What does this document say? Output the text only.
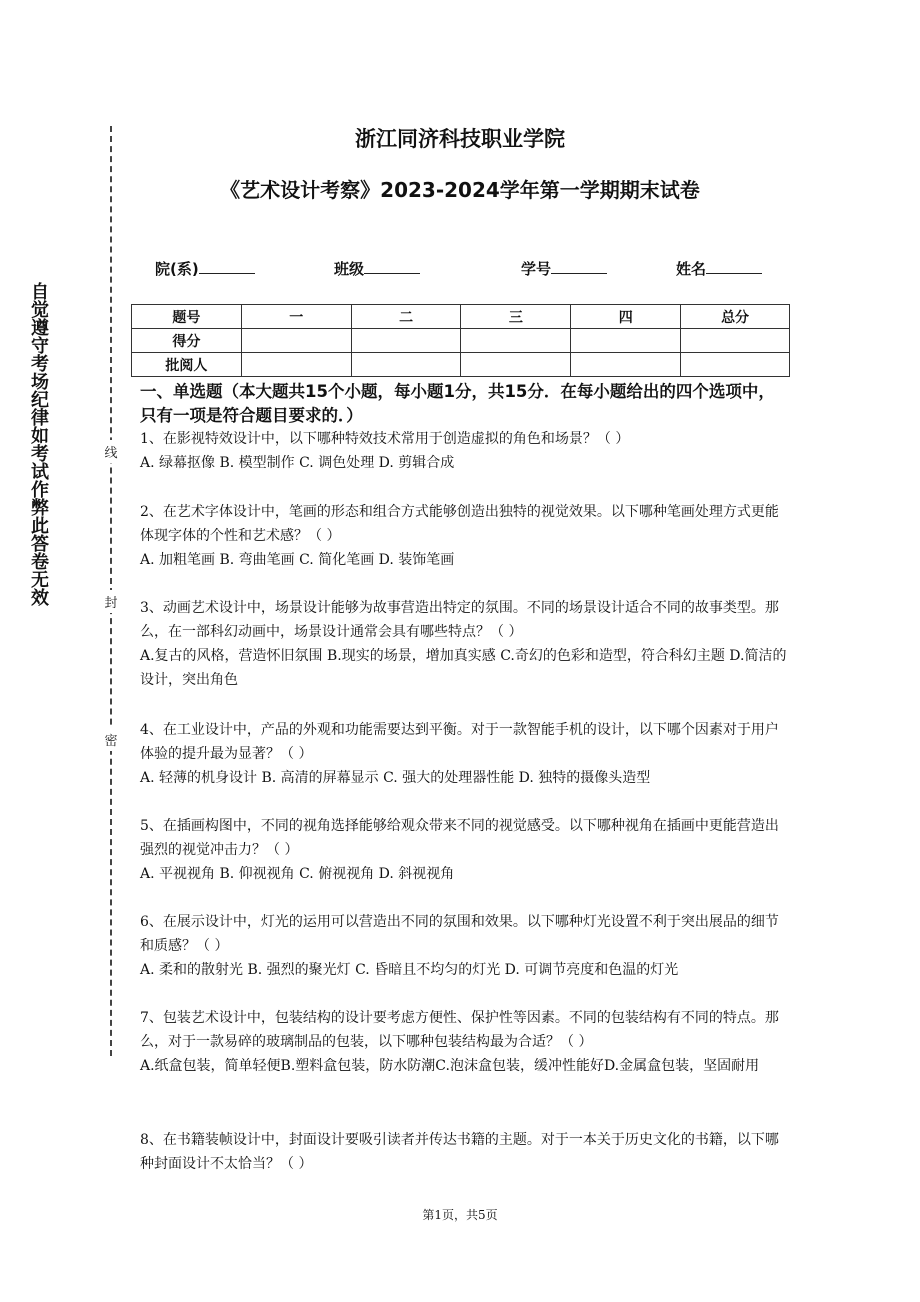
自觉遵守考场纪律如考试作弊此答卷无效	线
封
密
浙江同济科技职业学院
《艺术设计考察》2023-2024学年第一学期期末试卷
院(系)	班级	学号	姓名
题号	一	二	三	四	总分
得分					
批阅人					
一、单选题（本大题共15个小题，每小题1分，共15分．在每小题给出的四个选项中，只有一项是符合题目要求的．）

1、在影视特效设计中，以下哪种特效技术常用于创造虚拟的角色和场景？（ ）

A. 绿幕抠像 B. 模型制作 C. 调色处理 D. 剪辑合成

2、在艺术字体设计中，笔画的形态和组合方式能够创造出独特的视觉效果。以下哪种笔画处理方式更能体现字体的个性和艺术感？（ ）

A. 加粗笔画 B. 弯曲笔画 C. 简化笔画 D. 装饰笔画

3、动画艺术设计中，场景设计能够为故事营造出特定的氛围。不同的场景设计适合不同的故事类型。那么，在一部科幻动画中，场景设计通常会具有哪些特点？（ ）

A.复古的风格，营造怀旧氛围 B.现实的场景，增加真实感 C.奇幻的色彩和造型，符合科幻主题 D.简洁的设计，突出角色

4、在工业设计中，产品的外观和功能需要达到平衡。对于一款智能手机的设计，以下哪个因素对于用户体验的提升最为显著？（ ）

A. 轻薄的机身设计 B. 高清的屏幕显示 C. 强大的处理器性能 D. 独特的摄像头造型

5、在插画构图中，不同的视角选择能够给观众带来不同的视觉感受。以下哪种视角在插画中更能营造出强烈的视觉冲击力？（ ）

A. 平视视角 B. 仰视视角 C. 俯视视角 D. 斜视视角

6、在展示设计中，灯光的运用可以营造出不同的氛围和效果。以下哪种灯光设置不利于突出展品的细节和质感？（ ）

A. 柔和的散射光 B. 强烈的聚光灯 C. 昏暗且不均匀的灯光 D. 可调节亮度和色温的灯光

7、包装艺术设计中，包装结构的设计要考虑方便性、保护性等因素。不同的包装结构有不同的特点。那么，对于一款易碎的玻璃制品的包装，以下哪种包装结构最为合适？（ ）

A.纸盒包装，简单轻便B.塑料盒包装，防水防潮C.泡沫盒包装，缓冲性能好D.金属盒包装，坚固耐用

8、在书籍装帧设计中，封面设计要吸引读者并传达书籍的主题。对于一本关于历史文化的书籍，以下哪种封面设计不太恰当？（ ）

第1页，共5页
